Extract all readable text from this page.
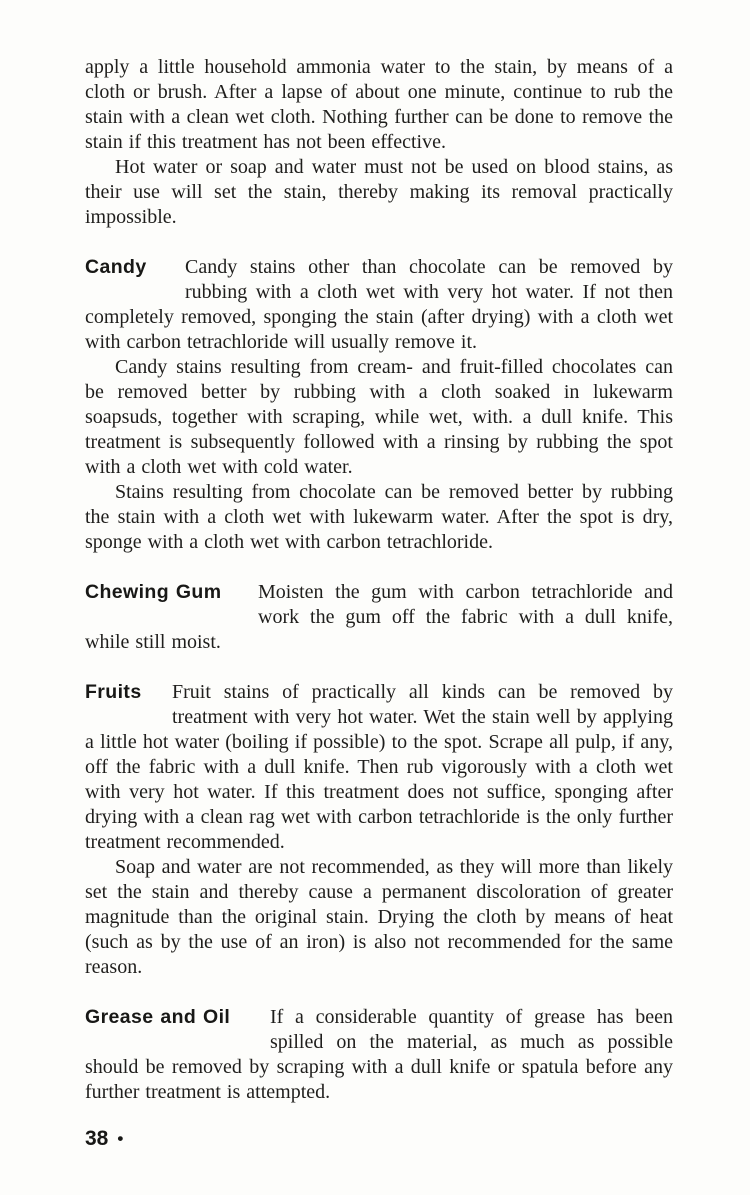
apply a little household ammonia water to the stain, by means of a cloth or brush. After a lapse of about one minute, continue to rub the stain with a clean wet cloth. Nothing further can be done to remove the stain if this treatment has not been effective.

Hot water or soap and water must not be used on blood stains, as their use will set the stain, thereby making its removal practically impossible.

Candy	Candy stains other than chocolate can be removed by rubbing with a cloth wet with very hot water. If not then completely removed, sponging the stain (after drying) with a cloth wet with carbon tetrachloride will usually remove it.

Candy stains resulting from cream- and fruit-filled chocolates can be removed better by rubbing with a cloth soaked in lukewarm soapsuds, together with scraping, while wet, with. a dull knife. This treatment is subsequently followed with a rinsing by rubbing the spot with a cloth wet with cold water.

Stains resulting from chocolate can be removed better by rubbing the stain with a cloth wet with lukewarm water. After the spot is dry, sponge with a cloth wet with carbon tetrachloride.

Chewing Gum	Moisten the gum with carbon tetrachloride and work the gum off the fabric with a dull knife, while still moist.

Fruits	Fruit stains of practically all kinds can be removed by treatment with very hot water. Wet the stain well by applying a little hot water (boiling if possible) to the spot. Scrape all pulp, if any, off the fabric with a dull knife. Then rub vigorously with a cloth wet with very hot water. If this treatment does not suffice, sponging after drying with a clean rag wet with carbon tetrachloride is the only further treatment recommended.

Soap and water are not recommended, as they will more than likely set the stain and thereby cause a permanent discoloration of greater magnitude than the original stain. Drying the cloth by means of heat (such as by the use of an iron) is also not recommended for the same reason.

Grease and Oil	If a considerable quantity of grease has been spilled on the material, as much as possible should be removed by scraping with a dull knife or spatula before any further treatment is attempted.

38 •
